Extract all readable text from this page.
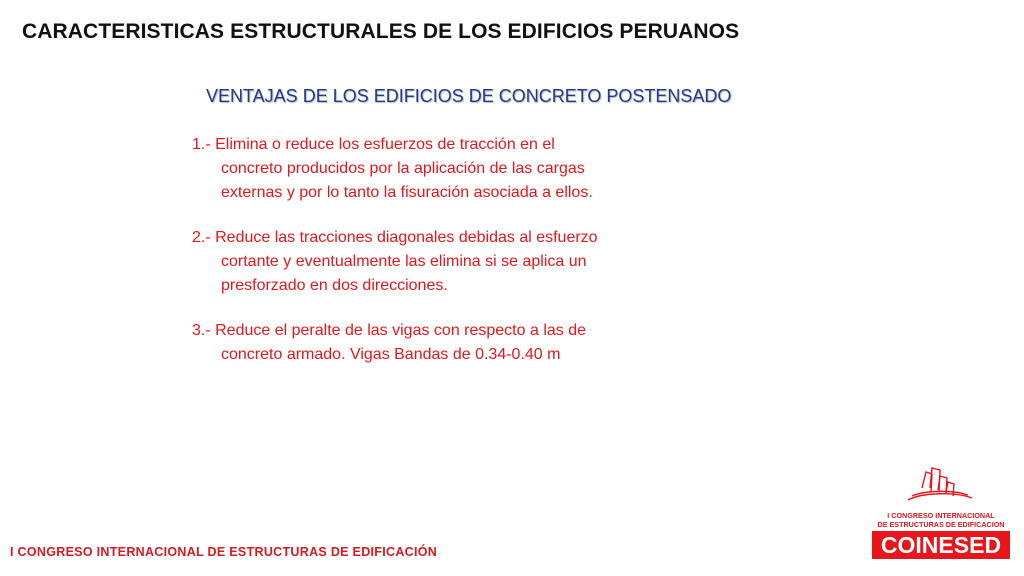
CARACTERISTICAS ESTRUCTURALES DE LOS EDIFICIOS PERUANOS
VENTAJAS DE LOS EDIFICIOS DE CONCRETO POSTENSADO
1.- Elimina o reduce los esfuerzos de tracción en el
concreto producidos por la aplicación de las cargas
externas y por lo tanto la fisuración asociada a ellos.
2.- Reduce las tracciones diagonales debidas al esfuerzo
cortante y eventualmente las elimina si se aplica un
presforzado en dos direcciones.
3.- Reduce el peralte de las vigas con respecto a las de
concreto armado. Vigas Bandas de 0.34-0.40 m
I CONGRESO INTERNACIONAL DE ESTRUCTURAS DE EDIFICACIÓN
I CONGRESO INTERNACIONAL
DE ESTRUCTURAS DE EDIFICACION
COINESED
